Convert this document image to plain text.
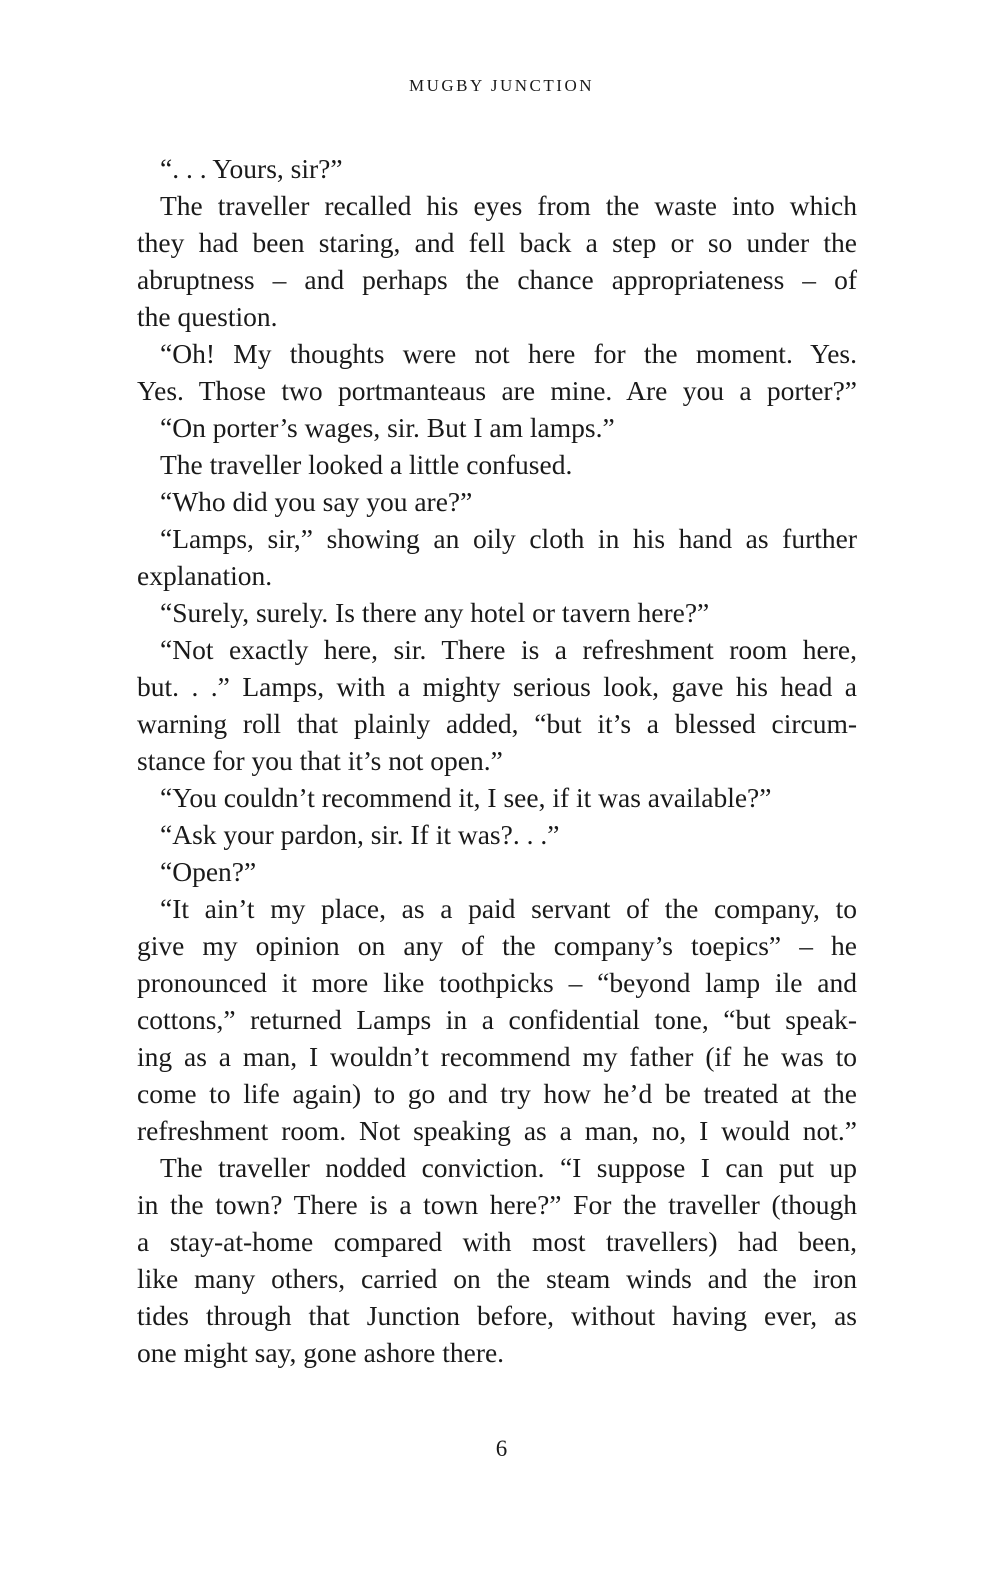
MUGBY JUNCTION
“. . . Yours, sir?”
The traveller recalled his eyes from the waste into which
they had been staring, and fell back a step or so under the
abruptness – and perhaps the chance appropriateness – of
the question.
“Oh! My thoughts were not here for the moment. Yes.
Yes. Those two portmanteaus are mine. Are you a porter?”
“On porter’s wages, sir. But I am lamps.”
The traveller looked a little confused.
“Who did you say you are?”
“Lamps, sir,” showing an oily cloth in his hand as further
explanation.
“Surely, surely. Is there any hotel or tavern here?”
“Not exactly here, sir. There is a refreshment room here,
but. . .” Lamps, with a mighty serious look, gave his head a
warning roll that plainly added, “but it’s a blessed circum-
stance for you that it’s not open.”
“You couldn’t recommend it, I see, if it was available?”
“Ask your pardon, sir. If it was?. . .”
“Open?”
“It ain’t my place, as a paid servant of the company, to
give my opinion on any of the company’s toepics” – he
pronounced it more like toothpicks – “beyond lamp ile and
cottons,” returned Lamps in a confidential tone, “but speak-
ing as a man, I wouldn’t recommend my father (if he was to
come to life again) to go and try how he’d be treated at the
refreshment room. Not speaking as a man, no, I would not.”
The traveller nodded conviction. “I suppose I can put up
in the town? There is a town here?” For the traveller (though
a stay-at-home compared with most travellers) had been,
like many others, carried on the steam winds and the iron
tides through that Junction before, without having ever, as
one might say, gone ashore there.
6
